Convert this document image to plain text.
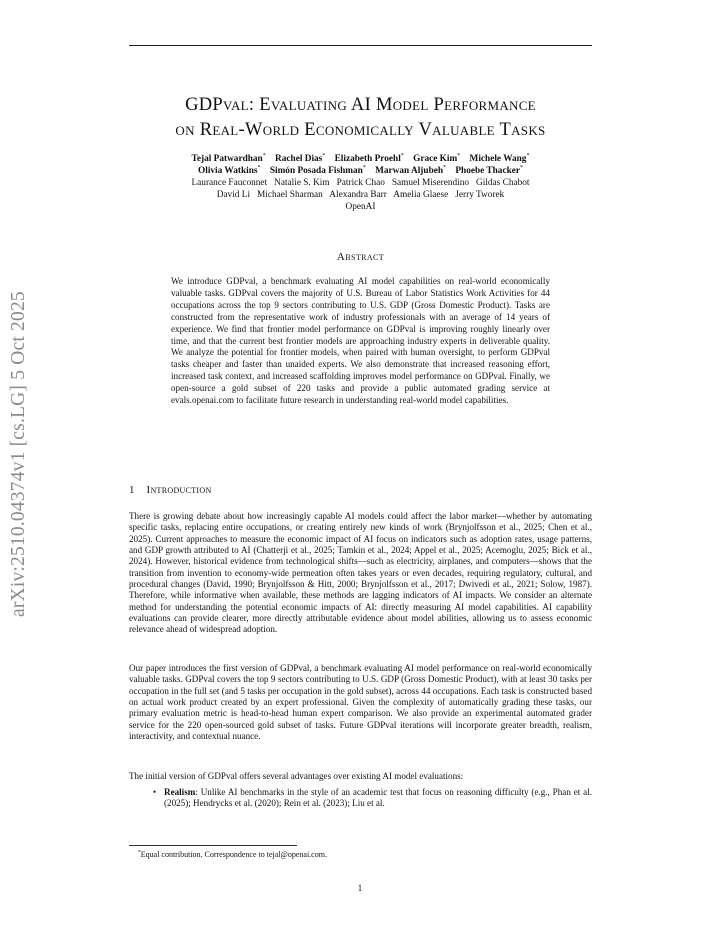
arXiv:2510.04374v1 [cs.LG] 5 Oct 2025
GDPval: Evaluating AI Model Performance
on Real-World Economically Valuable Tasks
Tejal Patwardhan*  Rachel Dias*  Elizabeth Proehl*  Grace Kim*  Michele Wang*
Olivia Watkins*  Simón Posada Fishman*  Marwan Aljubeh*  Phoebe Thacker*
Laurance Fauconnet   Natalie S. Kim   Patrick Chao   Samuel Miserendino   Gildas Chabot
David Li   Michael Sharman   Alexandra Barr   Amelia Glaese   Jerry Tworek
OpenAI
Abstract
We introduce GDPval, a benchmark evaluating AI model capabilities on real-world economically valuable tasks. GDPval covers the majority of U.S. Bureau of Labor Statistics Work Activities for 44 occupations across the top 9 sectors contributing to U.S. GDP (Gross Domestic Product). Tasks are constructed from the representative work of industry professionals with an average of 14 years of experience. We find that frontier model performance on GDPval is improving roughly linearly over time, and that the current best frontier models are approaching industry experts in deliverable quality. We analyze the potential for frontier models, when paired with human oversight, to perform GDPval tasks cheaper and faster than unaided experts. We also demonstrate that increased reasoning effort, increased task context, and increased scaffolding improves model performance on GDPval. Finally, we open-source a gold subset of 220 tasks and provide a public automated grading service at evals.openai.com to facilitate future research in understanding real-world model capabilities.
1 Introduction
There is growing debate about how increasingly capable AI models could affect the labor market—whether by automating specific tasks, replacing entire occupations, or creating entirely new kinds of work (Brynjolfsson et al., 2025; Chen et al., 2025). Current approaches to measure the economic impact of AI focus on indicators such as adoption rates, usage patterns, and GDP growth attributed to AI (Chatterji et al., 2025; Tamkin et al., 2024; Appel et al., 2025; Acemoglu, 2025; Bick et al., 2024). However, historical evidence from technological shifts—such as electricity, airplanes, and computers—shows that the transition from invention to economy-wide permeation often takes years or even decades, requiring regulatory, cultural, and procedural changes (David, 1990; Brynjolfsson & Hitt, 2000; Brynjolfsson et al., 2017; Dwivedi et al., 2021; Solow, 1987). Therefore, while informative when available, these methods are lagging indicators of AI impacts. We consider an alternate method for understanding the potential economic impacts of AI: directly measuring AI model capabilities. AI capability evaluations can provide clearer, more directly attributable evidence about model abilities, allowing us to assess economic relevance ahead of widespread adoption.
Our paper introduces the first version of GDPval, a benchmark evaluating AI model performance on real-world economically valuable tasks. GDPval covers the top 9 sectors contributing to U.S. GDP (Gross Domestic Product), with at least 30 tasks per occupation in the full set (and 5 tasks per occupation in the gold subset), across 44 occupations. Each task is constructed based on actual work product created by an expert professional. Given the complexity of automatically grading these tasks, our primary evaluation metric is head-to-head human expert comparison. We also provide an experimental automated grader service for the 220 open-sourced gold subset of tasks. Future GDPval iterations will incorporate greater breadth, realism, interactivity, and contextual nuance.
The initial version of GDPval offers several advantages over existing AI model evaluations:
• Realism: Unlike AI benchmarks in the style of an academic test that focus on reasoning difficulty (e.g., Phan et al. (2025); Hendrycks et al. (2020); Rein et al. (2023); Liu et al.
*Equal contribution. Correspondence to tejal@openai.com.
1
